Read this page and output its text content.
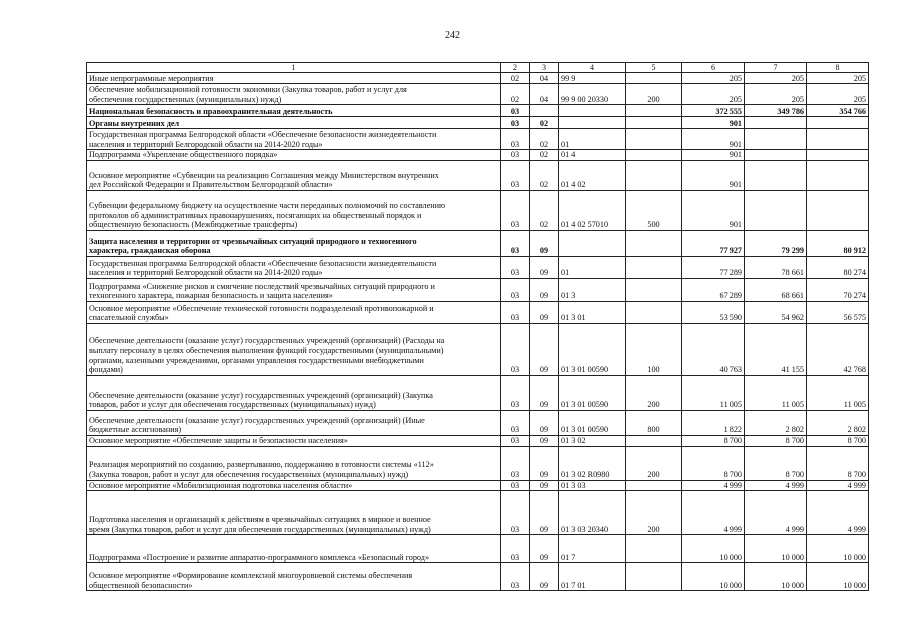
242
1	2	3	4	5	6	7	8

Иные непрограммные мероприятия	02	04	99 9		205	205	205

Обеспечение мобилизационной готовности экономики (Закупка товаров, работ и услуг для
обеспечения государственных (муниципальных) нужд)	02	04	99 9 00 20330	200	205	205	205

Национальная безопасность и правоохранительная деятельность	03				372 555	349 786	354 766

Органы внутренних дел	03	02			901		

Государственная программа Белгородской области «Обеспечение безопасности жизнедеятельности
населения и территорий Белгородской области на 2014-2020 годы»	03	02	01		901		

Подпрограмма «Укрепление общественного порядка»	03	02	01 4		901		

Основное мероприятие «Субвенции на реализацию Соглашения между Министерством внутренних
дел Российской Федерации и Правительством Белгородской области»	03	02	01 4 02		901		

Субвенции федеральному бюджету на осуществление части переданных полномочий по составлению
протоколов об административных правонарушениях, посягающих на общественный порядок и
общественную безопасность (Межбюджетные трансферты)	03	02	01 4 02 57010	500	901		

Защита населения и территории от чрезвычайных ситуаций природного и техногенного
характера, гражданская оборона	03	09			77 927	79 299	80 912

Государственная программа Белгородской области «Обеспечение безопасности жизнедеятельности
населения и территорий Белгородской области на 2014-2020 годы»	03	09	01		77 289	78 661	80 274

Подпрограмма «Снижение рисков и смягчение последствий чрезвычайных ситуаций природного и
техногенного характера, пожарная безопасность и защита населения»	03	09	01 3		67 289	68 661	70 274

Основное мероприятие «Обеспечение технической готовности подразделений противопожарной и
спасательной службы»	03	09	01 3 01		53 590	54 962	56 575

Обеспечение деятельности (оказание услуг) государственных учреждений (организаций) (Расходы на
выплату персоналу в целях обеспечения выполнения функций государственными (муниципальными)
органами, казенными учреждениями, органами управления государственными внебюджетными
фондами)	03	09	01 3 01 00590	100	40 763	41 155	42 768

Обеспечение деятельности (оказание услуг) государственных учреждений (организаций) (Закупка
товаров, работ и услуг для обеспечения государственных (муниципальных) нужд)	03	09	01 3 01 00590	200	11 005	11 005	11 005

Обеспечение деятельности (оказание услуг) государственных учреждений (организаций) (Иные
бюджетные ассигнования)	03	09	01 3 01 00590	800	1 822	2 802	2 802

Основное мероприятие «Обеспечение защиты и безопасности населения»	03	09	01 3 02		8 700	8 700	8 700

Реализация мероприятий по созданию, развертыванию, поддержанию в готовности системы «112»
(Закупка товаров, работ и услуг для обеспечения государственных (муниципальных) нужд)	03	09	01 3 02 R0980	200	8 700	8 700	8 700

Основное мероприятие «Мобилизационная подготовка населения области»	03	09	01 3 03		4 999	4 999	4 999

Подготовка населения и организаций к действиям в чрезвычайных ситуациях в мирное и военное
время (Закупка товаров, работ и услуг для обеспечения государственных (муниципальных) нужд)	03	09	01 3 03 20340	200	4 999	4 999	4 999

Подпрограмма «Построение и развитие аппаратно-программного комплекса «Безопасный город»	03	09	01 7		10 000	10 000	10 000

Основное мероприятие «Формирование комплексной многоуровневой системы обеспечения
общественной безопасности»	03	09	01 7 01		10 000	10 000	10 000
